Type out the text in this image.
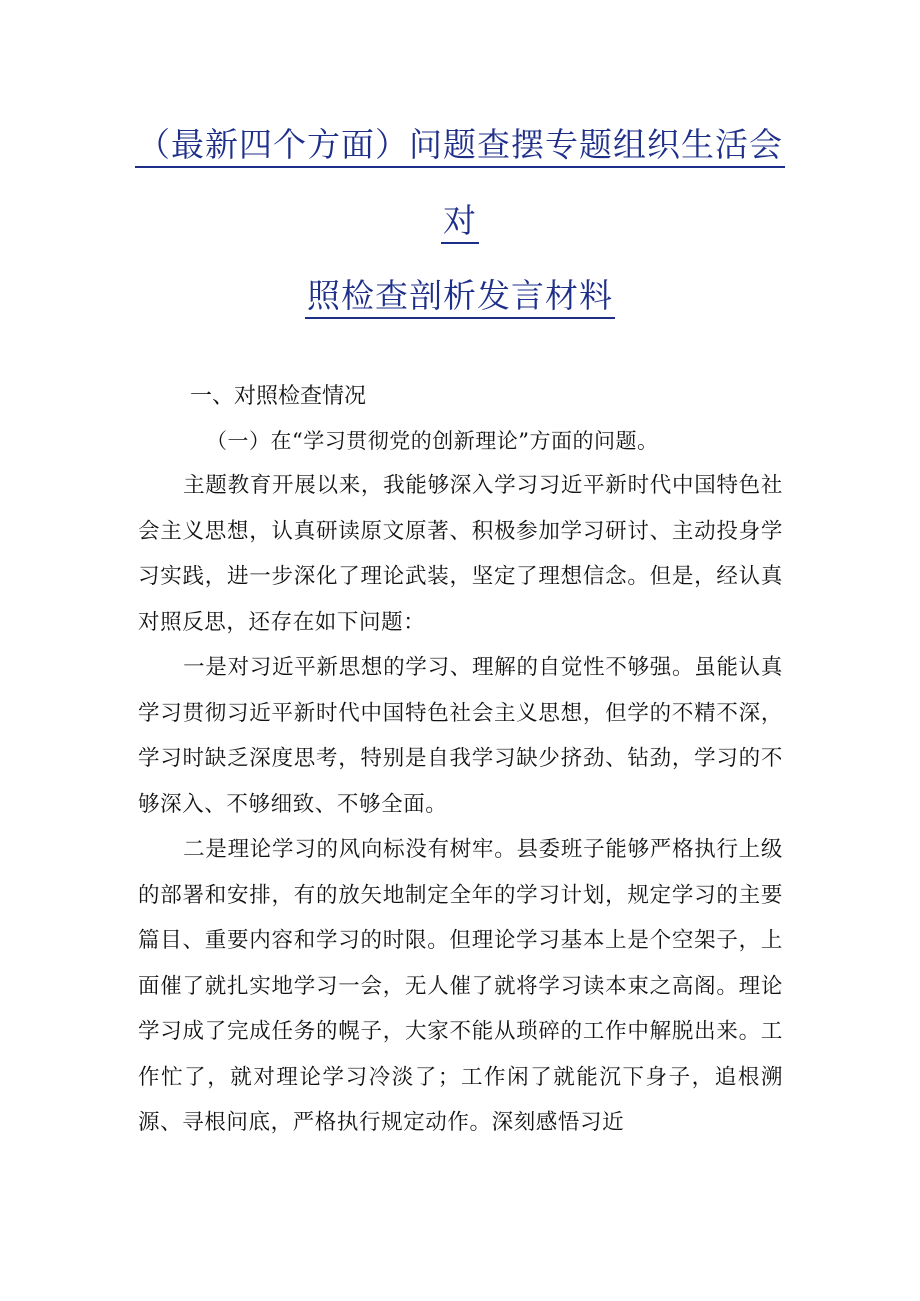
（最新四个方面）问题查摆专题组织生活会
对
照检查剖析发言材料

一、对照检查情况

（一）在“学习贯彻党的创新理论”方面的问题。

主题教育开展以来，我能够深入学习习近平新时代中国特色社会主义思想，认真研读原文原著、积极参加学习研讨、主动投身学习实践，进一步深化了理论武装，坚定了理想信念。但是，经认真对照反思，还存在如下问题：

一是对习近平新思想的学习、理解的自觉性不够强。虽能认真学习贯彻习近平新时代中国特色社会主义思想，但学的不精不深，学习时缺乏深度思考，特别是自我学习缺少挤劲、钻劲，学习的不够深入、不够细致、不够全面。

二是理论学习的风向标没有树牢。县委班子能够严格执行上级的部署和安排，有的放矢地制定全年的学习计划，规定学习的主要篇目、重要内容和学习的时限。但理论学习基本上是个空架子，上面催了就扎实地学习一会，无人催了就将学习读本束之高阁。理论学习成了完成任务的幌子，大家不能从琐碎的工作中解脱出来。工作忙了，就对理论学习冷淡了；工作闲了就能沉下身子，追根溯源、寻根问底，严格执行规定动作。深刻感悟习近
